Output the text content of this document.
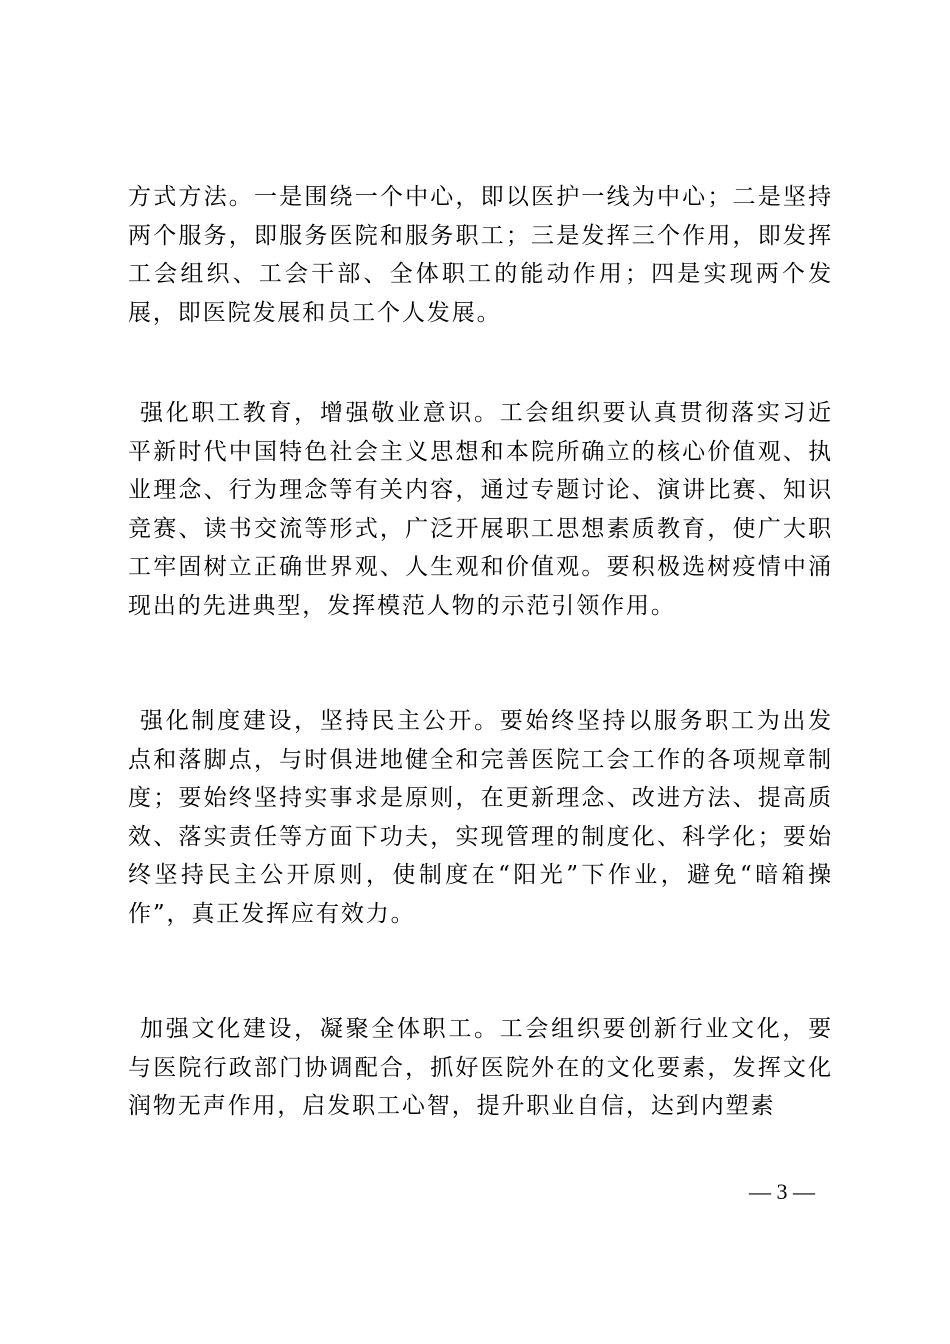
方式方法。一是围绕一个中心，即以医护一线为中心；二是坚持两个服务，即服务医院和服务职工；三是发挥三个作用，即发挥工会组织、工会干部、全体职工的能动作用；四是实现两个发展，即医院发展和员工个人发展。

强化职工教育，增强敬业意识。工会组织要认真贯彻落实习近平新时代中国特色社会主义思想和本院所确立的核心价值观、执业理念、行为理念等有关内容，通过专题讨论、演讲比赛、知识竞赛、读书交流等形式，广泛开展职工思想素质教育，使广大职工牢固树立正确世界观、人生观和价值观。要积极选树疫情中涌现出的先进典型，发挥模范人物的示范引领作用。

强化制度建设，坚持民主公开。要始终坚持以服务职工为出发点和落脚点，与时俱进地健全和完善医院工会工作的各项规章制度；要始终坚持实事求是原则，在更新理念、改进方法、提高质效、落实责任等方面下功夫，实现管理的制度化、科学化；要始终坚持民主公开原则，使制度在“阳光”下作业，避免“暗箱操作”，真正发挥应有效力。

加强文化建设，凝聚全体职工。工会组织要创新行业文化，要与医院行政部门协调配合，抓好医院外在的文化要素，发挥文化润物无声作用，启发职工心智，提升职业自信，达到内塑素

— 3 —
